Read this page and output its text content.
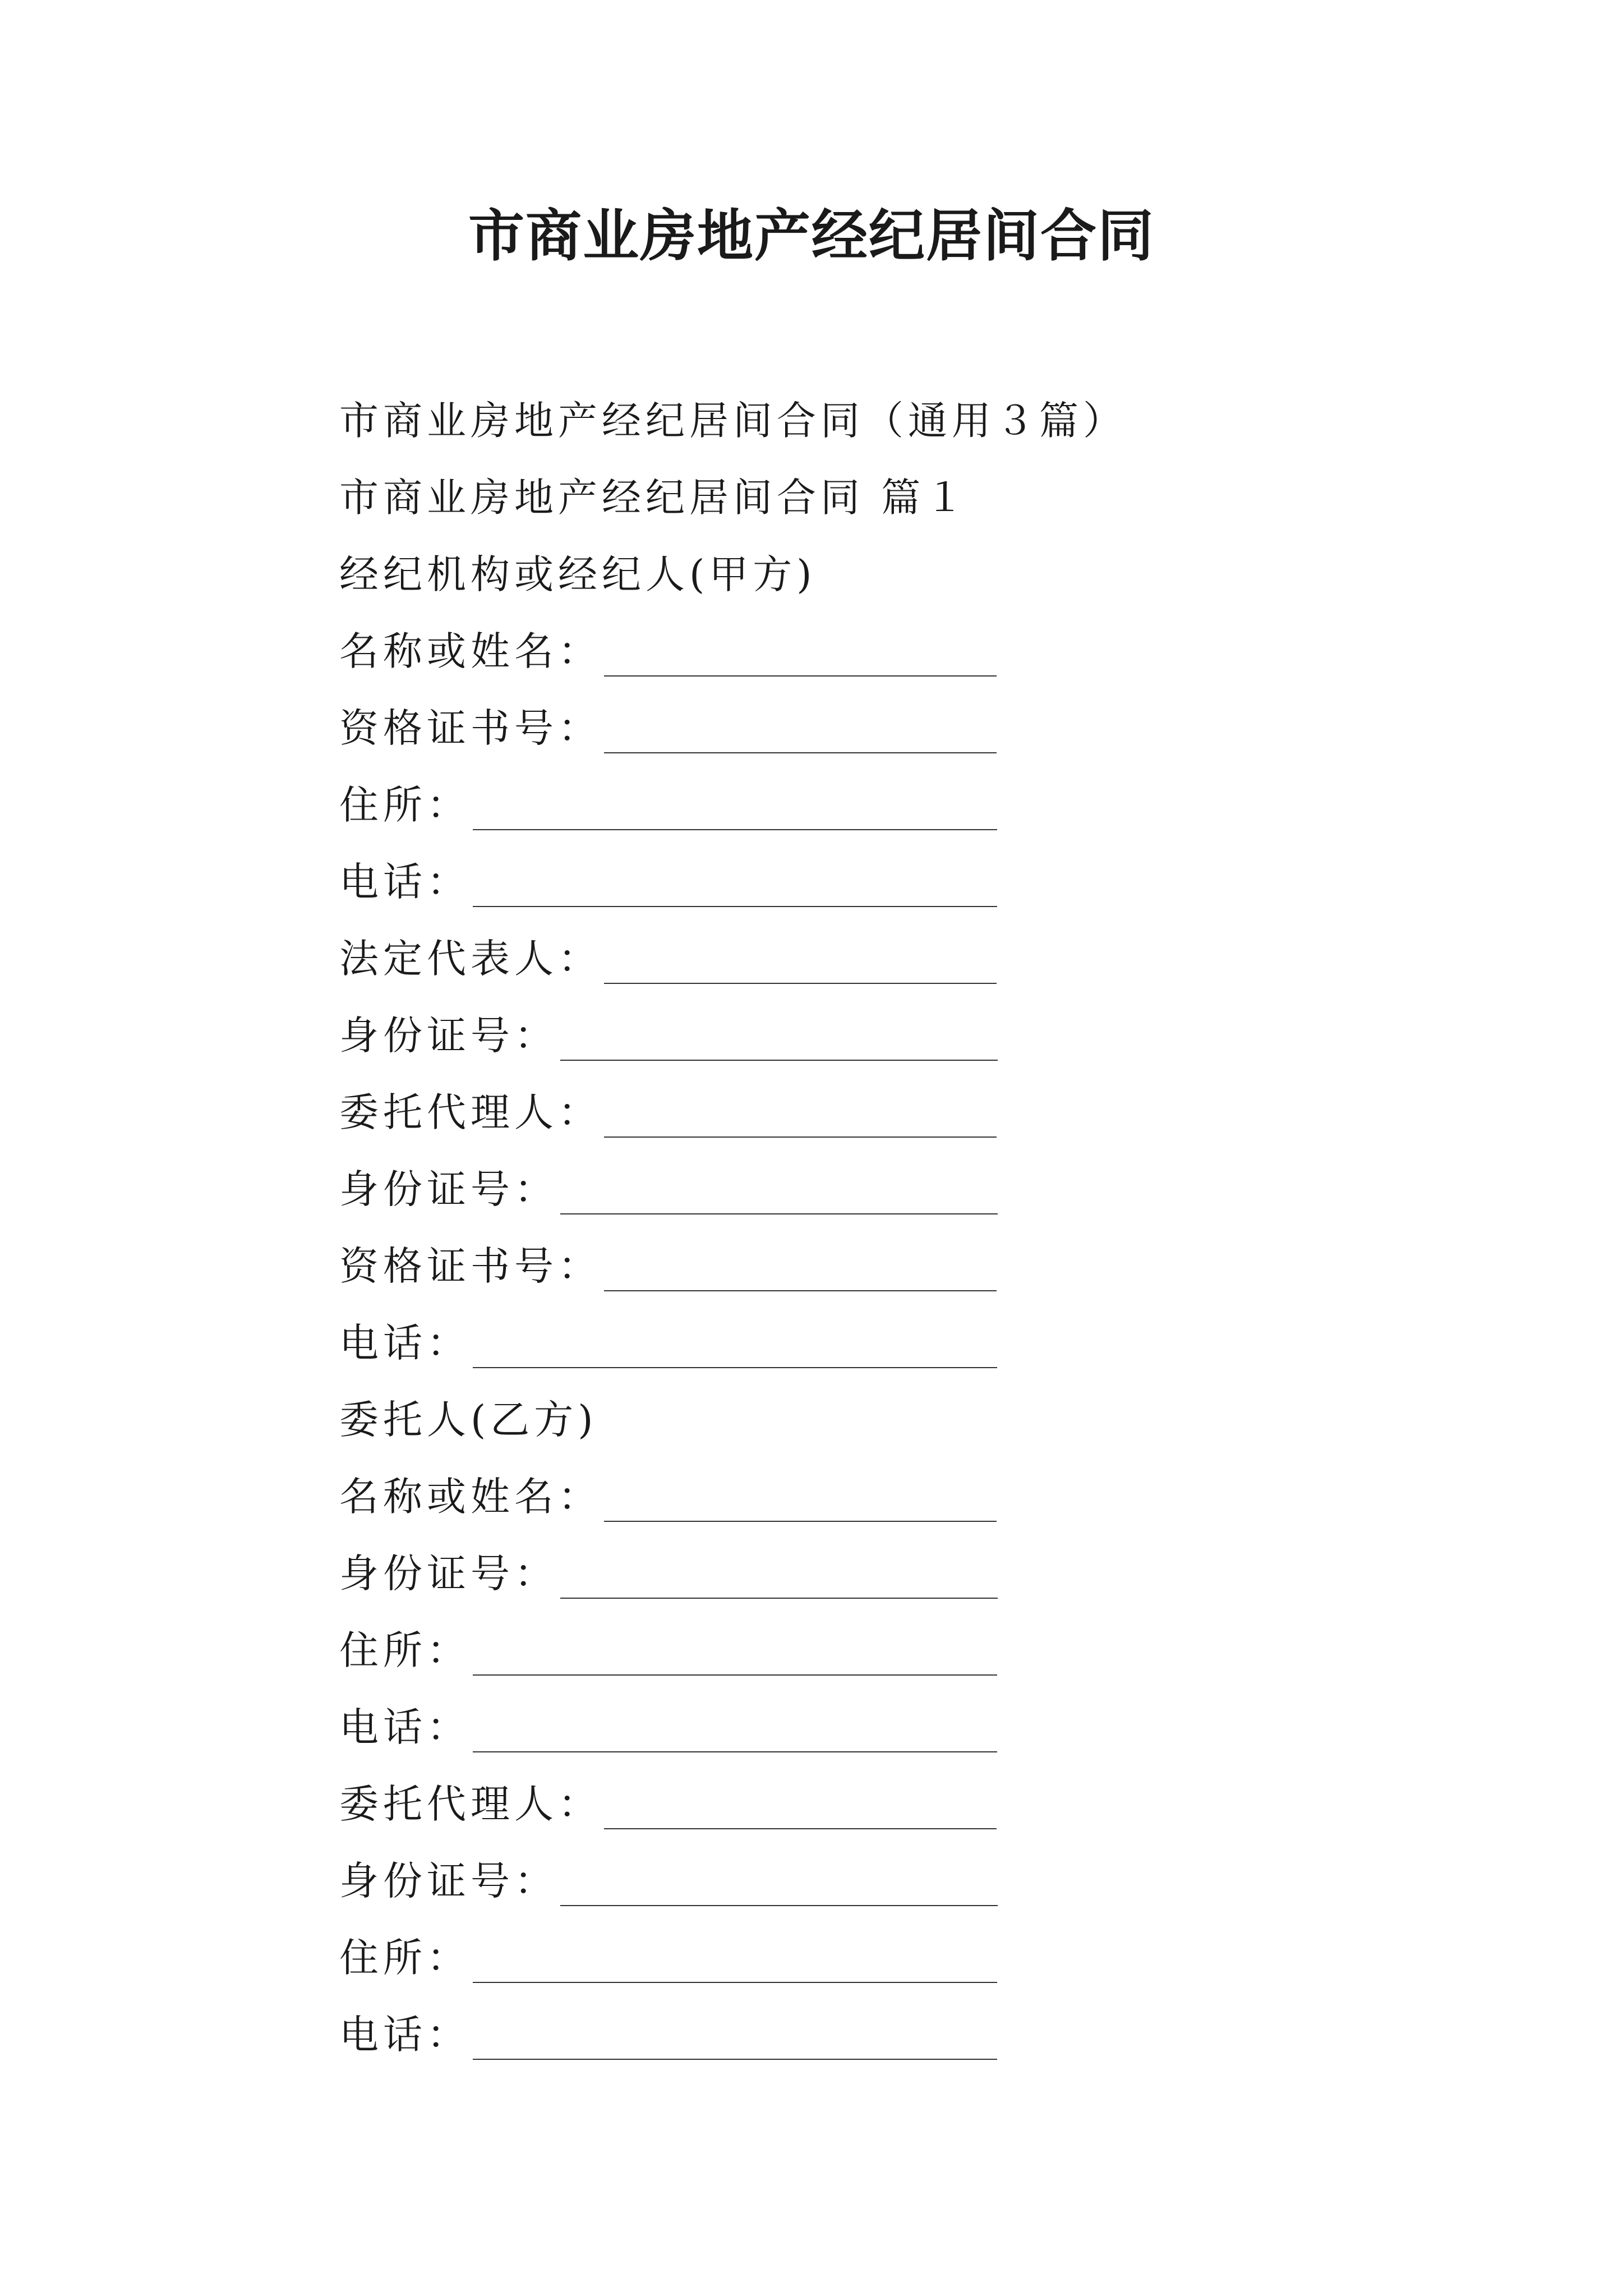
市商业房地产经纪居间合同
市商业房地产经纪居间合同（通用３篇）
市商业房地产经纪居间合同 篇１
经纪机构或经纪人(甲方)
名称或姓名：
资格证书号：
住所：
电话：
法定代表人：
身份证号：
委托代理人：
身份证号：
资格证书号：
电话：
委托人(乙方)
名称或姓名：
身份证号：
住所：
电话：
委托代理人：
身份证号：
住所：
电话：
